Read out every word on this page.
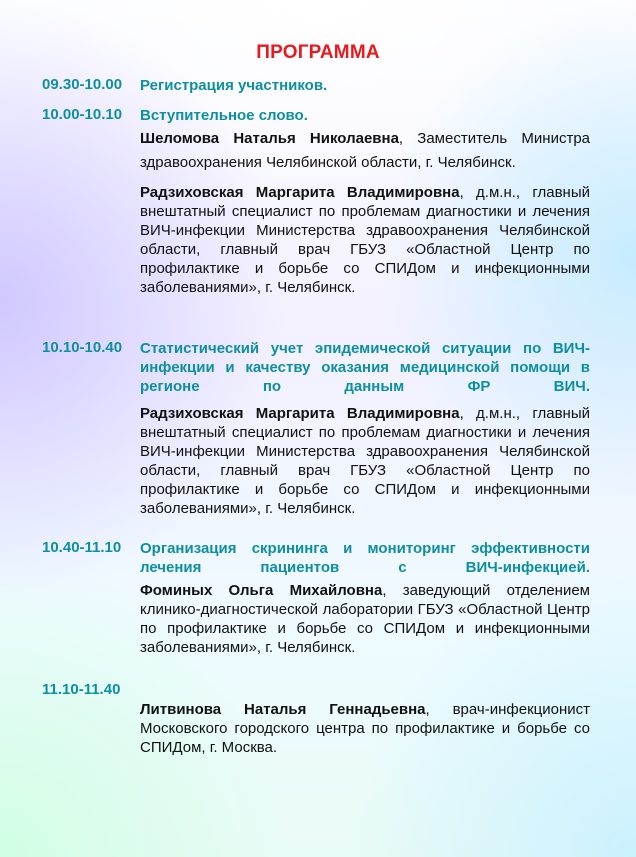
ПРОГРАММА
09.30-10.00 Регистрация участников.
10.00-10.10 Вступительное слово.
Шеломова Наталья Николаевна, Заместитель Министра здравоохранения Челябинской области, г. Челябинск.
Радзиховская Маргарита Владимировна, д.м.н., главный внештатный специалист по проблемам диагностики и лечения ВИЧ-инфекции Министерства здравоохранения Челябинской области, главный врач ГБУЗ «Областной Центр по профилактике и борьбе со СПИДом и инфекционными заболеваниями», г. Челябинск.
10.10-10.40 Статистический учет эпидемической ситуации по ВИЧ-инфекции и качеству оказания медицинской помощи в регионе по данным ФР ВИЧ.
Радзиховская Маргарита Владимировна, д.м.н., главный внештатный специалист по проблемам диагностики и лечения ВИЧ-инфекции Министерства здравоохранения Челябинской области, главный врач ГБУЗ «Областной Центр по профилактике и борьбе со СПИДом и инфекционными заболеваниями», г. Челябинск.
10.40-11.10 Организация скрининга и мониторинг эффективности лечения пациентов с ВИЧ-инфекцией.
Фоминых Ольга Михайловна, заведующий отделением клинико-диагностической лаборатории ГБУЗ «Областной Центр по профилактике и борьбе со СПИДом и инфекционными заболеваниями», г. Челябинск.
11.10-11.40
Литвинова Наталья Геннадьевна, врач-инфекционист Московского городского центра по профилактике и борьбе со СПИДом, г. Москва.
